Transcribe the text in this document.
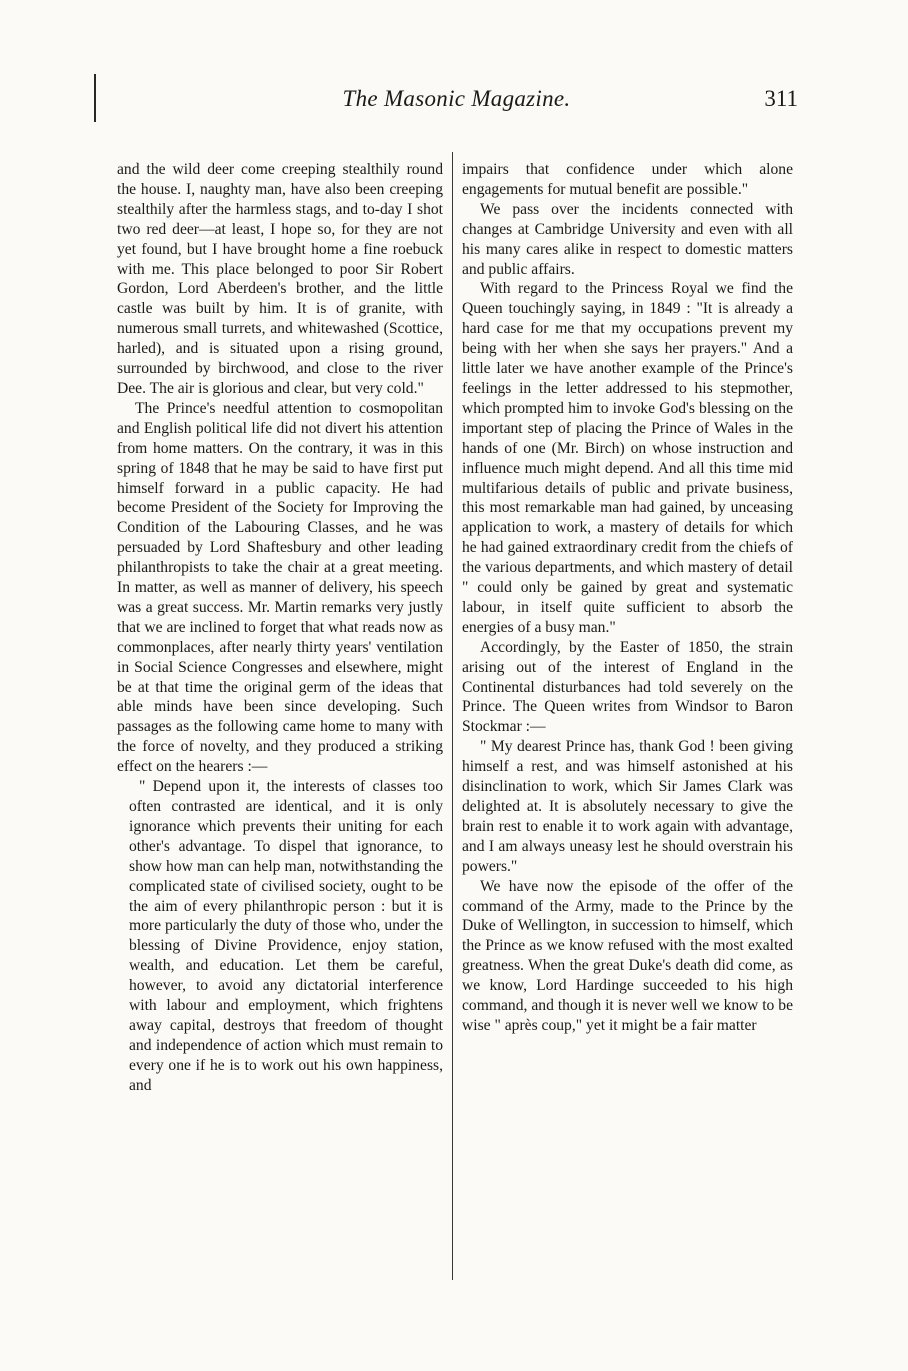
The Masonic Magazine.	311

and the wild deer come creeping stealthily round the house. I, naughty man, have also been creeping stealthily after the harmless stags, and to-day I shot two red deer—at least, I hope so, for they are not yet found, but I have brought home a fine roebuck with me. This place belonged to poor Sir Robert Gordon, Lord Aberdeen's brother, and the little castle was built by him. It is of granite, with numerous small turrets, and whitewashed (Scottice, harled), and is situated upon a rising ground, surrounded by birchwood, and close to the river Dee. The air is glorious and clear, but very cold."

The Prince's needful attention to cosmopolitan and English political life did not divert his attention from home matters. On the contrary, it was in this spring of 1848 that he may be said to have first put himself forward in a public capacity. He had become President of the Society for Improving the Condition of the Labouring Classes, and he was persuaded by Lord Shaftesbury and other leading philanthropists to take the chair at a great meeting. In matter, as well as manner of delivery, his speech was a great success. Mr. Martin remarks very justly that we are inclined to forget that what reads now as commonplaces, after nearly thirty years' ventilation in Social Science Congresses and elsewhere, might be at that time the original germ of the ideas that able minds have been since developing. Such passages as the following came home to many with the force of novelty, and they produced a striking effect on the hearers :—

" Depend upon it, the interests of classes too often contrasted are identical, and it is only ignorance which prevents their uniting for each other's advantage. To dispel that ignorance, to show how man can help man, notwithstanding the complicated state of civilised society, ought to be the aim of every philanthropic person : but it is more particularly the duty of those who, under the blessing of Divine Providence, enjoy station, wealth, and education. Let them be careful, however, to avoid any dictatorial interference with labour and employment, which frightens away capital, destroys that freedom of thought and independence of action which must remain to every one if he is to work out his own happiness, and

impairs that confidence under which alone engagements for mutual benefit are possible."

We pass over the incidents connected with changes at Cambridge University and even with all his many cares alike in respect to domestic matters and public affairs.

With regard to the Princess Royal we find the Queen touchingly saying, in 1849 : "It is already a hard case for me that my occupations prevent my being with her when she says her prayers." And a little later we have another example of the Prince's feelings in the letter addressed to his stepmother, which prompted him to invoke God's blessing on the important step of placing the Prince of Wales in the hands of one (Mr. Birch) on whose instruction and influence much might depend. And all this time mid multifarious details of public and private business, this most remarkable man had gained, by unceasing application to work, a mastery of details for which he had gained extraordinary credit from the chiefs of the various departments, and which mastery of detail " could only be gained by great and systematic labour, in itself quite sufficient to absorb the energies of a busy man."

Accordingly, by the Easter of 1850, the strain arising out of the interest of England in the Continental disturbances had told severely on the Prince. The Queen writes from Windsor to Baron Stockmar :—

" My dearest Prince has, thank God ! been giving himself a rest, and was himself astonished at his disinclination to work, which Sir James Clark was delighted at. It is absolutely necessary to give the brain rest to enable it to work again with advantage, and I am always uneasy lest he should overstrain his powers."

We have now the episode of the offer of the command of the Army, made to the Prince by the Duke of Wellington, in succession to himself, which the Prince as we know refused with the most exalted greatness. When the great Duke's death did come, as we know, Lord Hardinge succeeded to his high command, and though it is never well we know to be wise " après coup," yet it might be a fair matter
